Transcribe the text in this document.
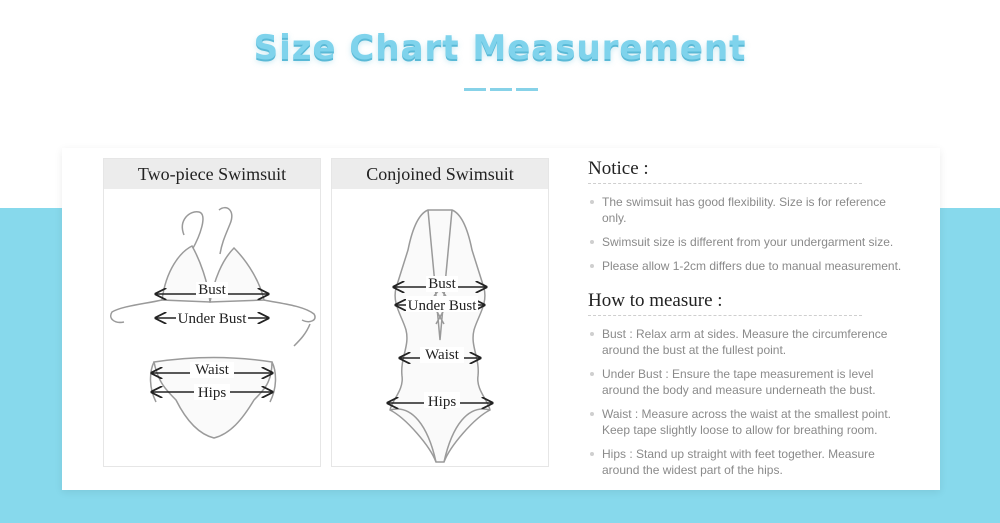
Size Chart Measurement
Two-piece Swimsuit
Bust
Under Bust
Waist
Hips
Conjoined Swimsuit
Bust
Under Bust
Waist
Hips
Notice :
The swimsuit has good flexibility. Size is for reference only.
Swimsuit size is different from your undergarment size.
Please allow 1-2cm differs due to manual measurement.
How to measure :
Bust : Relax arm at sides. Measure the circumference around the bust at the fullest point.
Under Bust : Ensure the tape measurement is level around the body and measure underneath the bust.
Waist : Measure across the waist at the smallest point. Keep tape slightly loose to allow for breathing room.
Hips : Stand up straight with feet together. Measure around the widest part of the hips.
